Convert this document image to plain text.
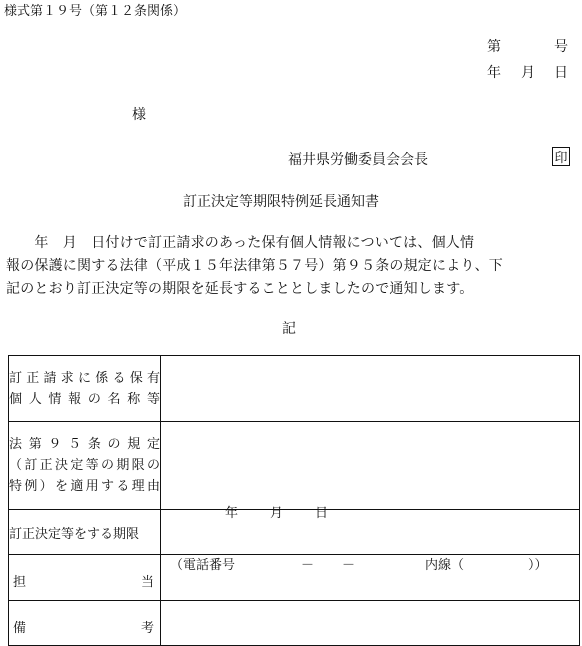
様式第１９号（第１２条関係）
第	号
年 月 日
様
福井県労働委員会会長	印
訂正決定等期限特例延長通知書

　　年　月　日付けで訂正請求のあった保有個人情報については、個人情

報の保護に関する法律（平成１５年法律第５７号）第９５条の規定により、下

記のとおり訂正決定等の期限を延長することとしましたので通知します。

記
訂正請求に係る保有
個人情報の名称等	

法第９５条の規定
（訂正決定等の期限の
特例）を適用する理由	

訂正決定等をする期限	年 月 日

担 当	（電話番号 － － 内線（ ））

備 考	
